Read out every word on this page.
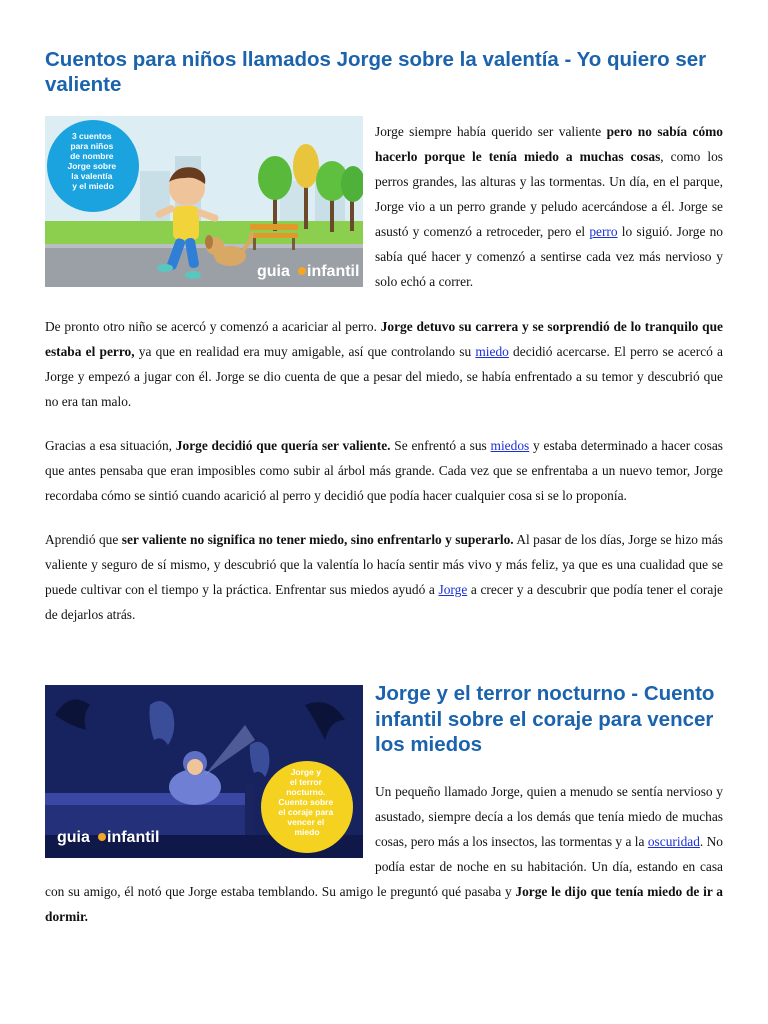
Cuentos para niños llamados Jorge sobre la valentía - Yo quiero ser valiente
3 cuentos para niños de nombre Jorge sobre la valentía y el miedo
guia infantil

Jorge siempre había querido ser valiente pero no sabía cómo hacerlo porque le tenía miedo a muchas cosas, como los perros grandes, las alturas y las tormentas. Un día, en el parque, Jorge vio a un perro grande y peludo acercándose a él. Jorge se asustó y comenzó a retroceder, pero el perro lo siguió. Jorge no sabía qué hacer y comenzó a sentirse cada vez más nervioso y solo echó a correr.

De pronto otro niño se acercó y comenzó a acariciar al perro. Jorge detuvo su carrera y se sorprendió de lo tranquilo que estaba el perro, ya que en realidad era muy amigable, así que controlando su miedo decidió acercarse. El perro se acercó a Jorge y empezó a jugar con él. Jorge se dio cuenta de que a pesar del miedo, se había enfrentado a su temor y descubrió que no era tan malo.

Gracias a esa situación, Jorge decidió que quería ser valiente. Se enfrentó a sus miedos y estaba determinado a hacer cosas que antes pensaba que eran imposibles como subir al árbol más grande. Cada vez que se enfrentaba a un nuevo temor, Jorge recordaba cómo se sintió cuando acarició al perro y decidió que podía hacer cualquier cosa si se lo proponía.

Aprendió que ser valiente no significa no tener miedo, sino enfrentarlo y superarlo. Al pasar de los días, Jorge se hizo más valiente y seguro de sí mismo, y descubrió que la valentía lo hacía sentir más vivo y más feliz, ya que es una cualidad que se puede cultivar con el tiempo y la práctica. Enfrentar sus miedos ayudó a Jorge a crecer y a descubrir que podía tener el coraje de dejarlos atrás.

Jorge y el terror nocturno. Cuento sobre el coraje para vencer el miedo
guia infantil
Jorge y el terror nocturno - Cuento infantil sobre el coraje para vencer los miedos

Un pequeño llamado Jorge, quien a menudo se sentía nervioso y asustado, siempre decía a los demás que tenía miedo de muchas cosas, pero más a los insectos, las tormentas y a la oscuridad. No podía estar de noche en su habitación. Un día, estando en casa con su amigo, él notó que Jorge estaba temblando. Su amigo le preguntó qué pasaba y Jorge le dijo que tenía miedo de ir a dormir.
